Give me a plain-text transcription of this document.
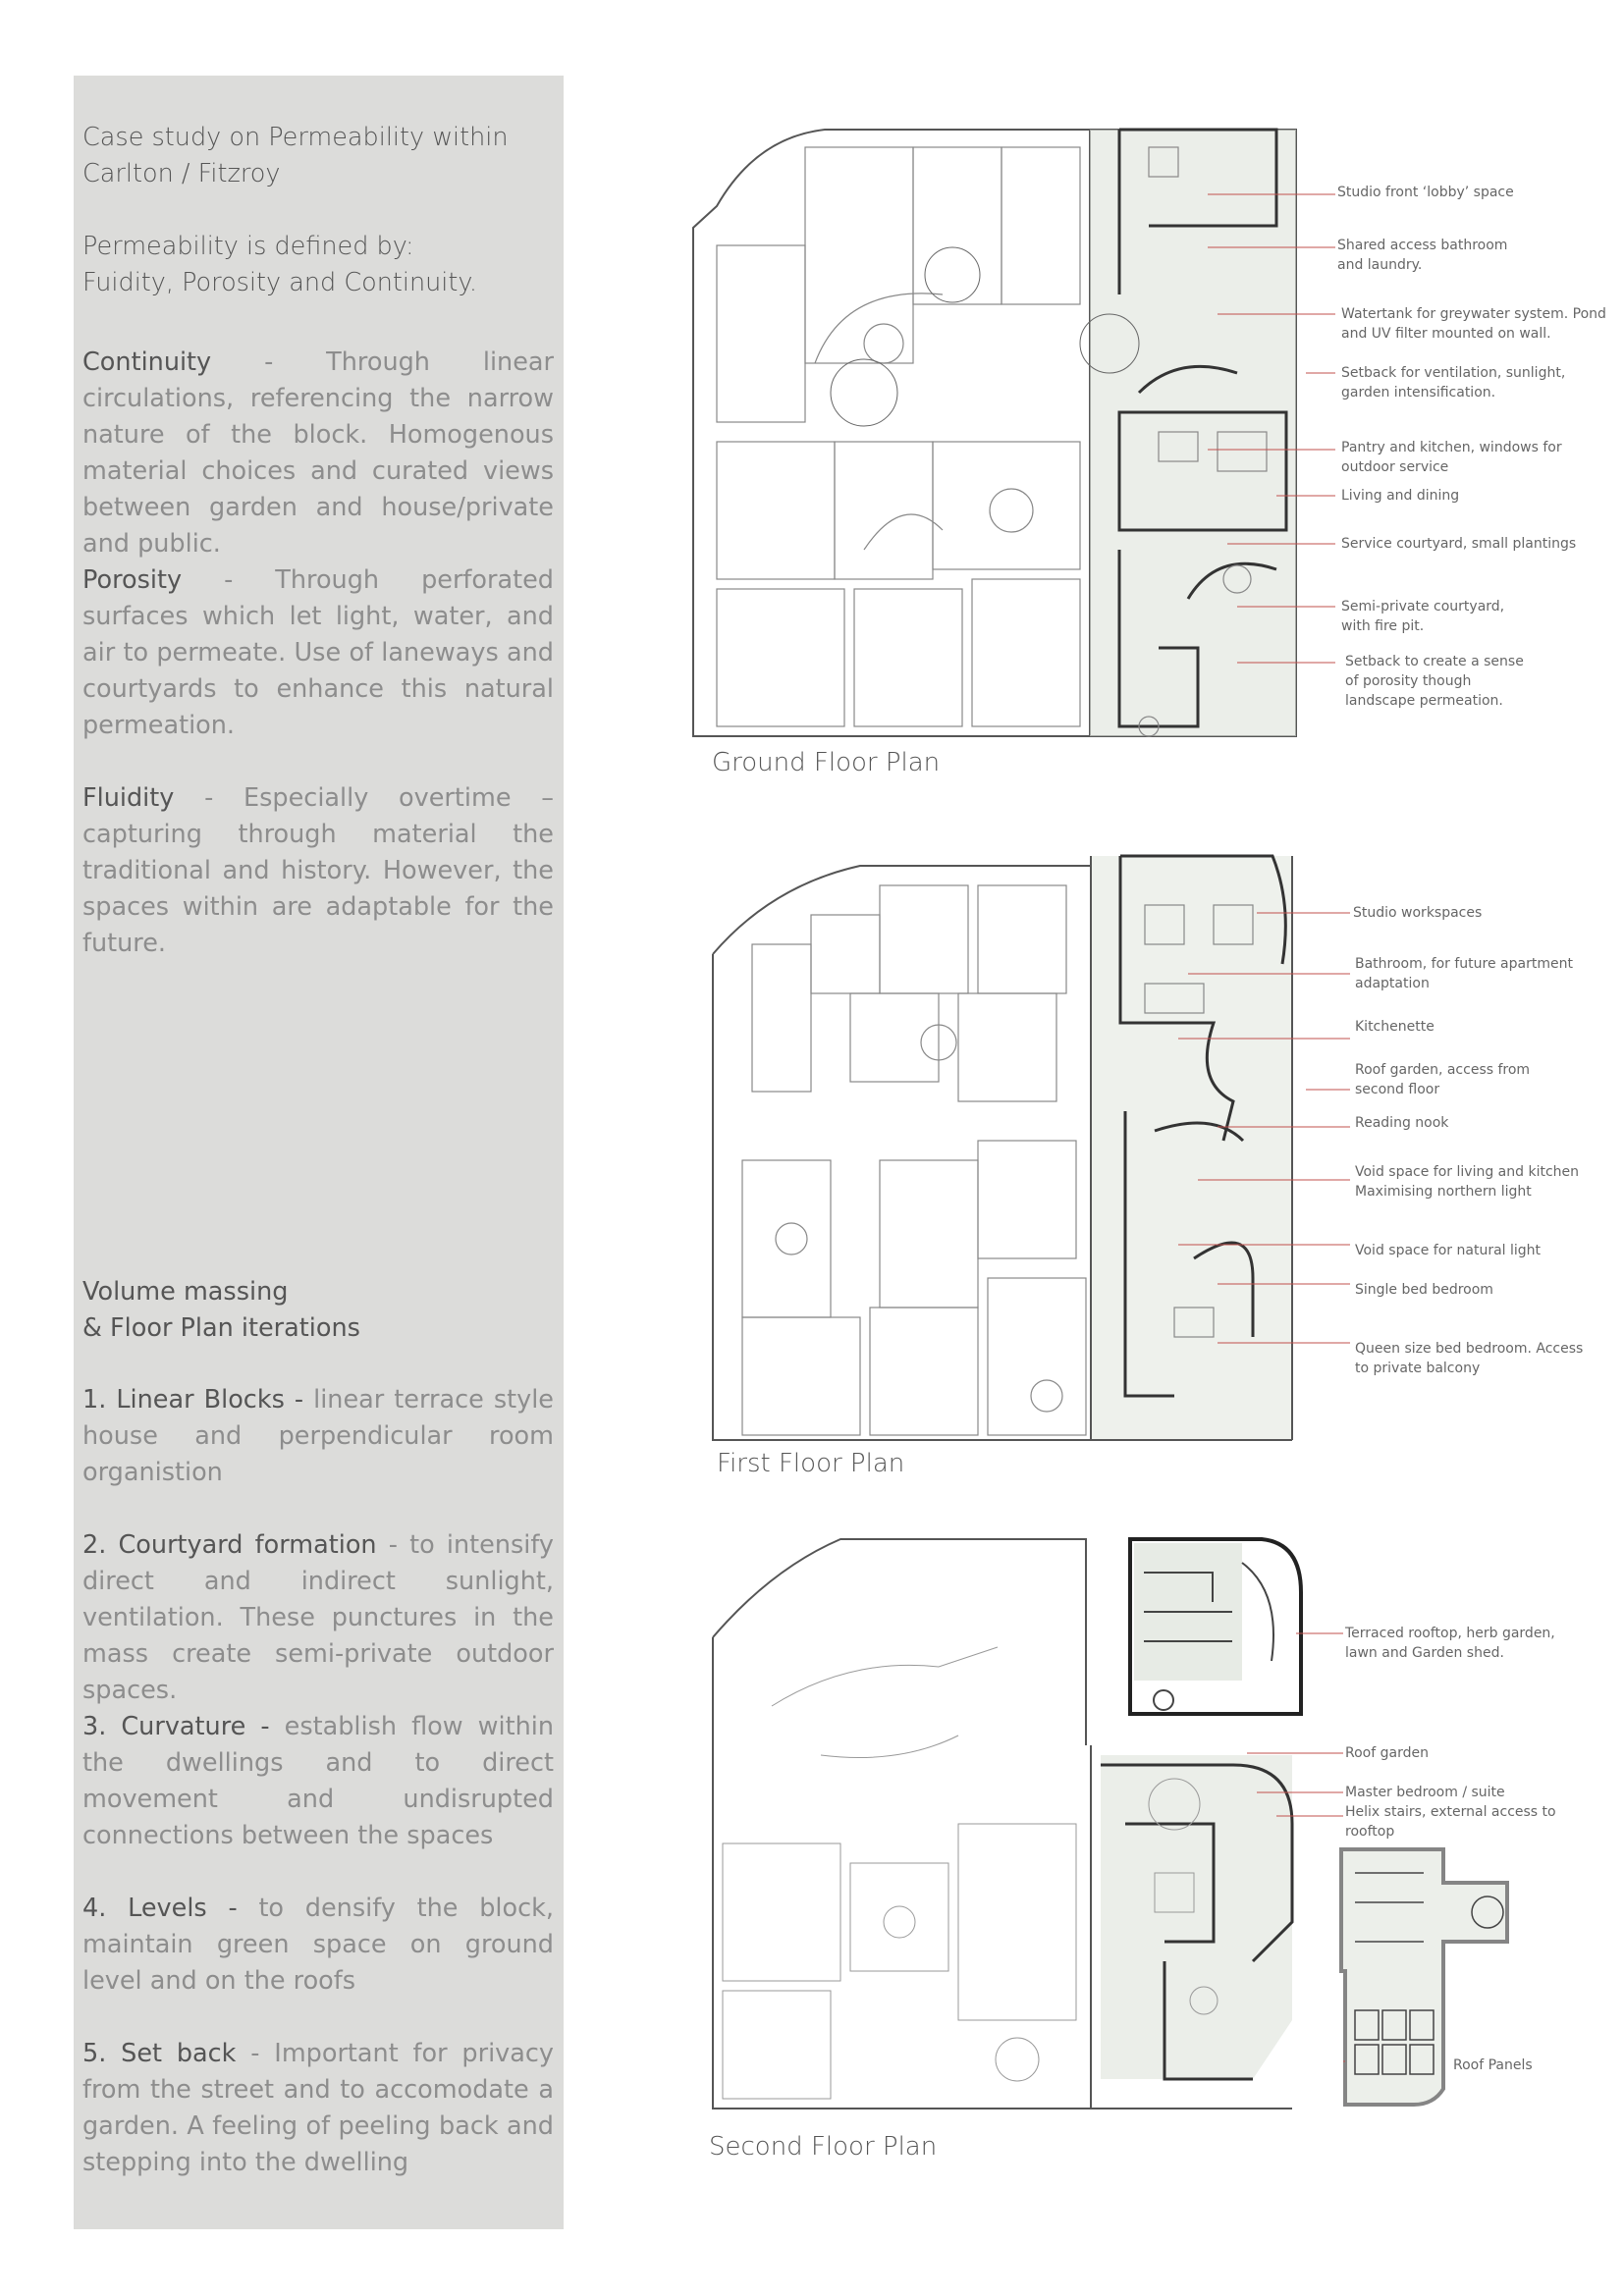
Case study on Permeability within
Carlton / Fitzroy
Permeability is defined by:
Fuidity, Porosity and Continuity.
Continuity - Through linear circulations, referencing the narrow nature of the block. Homogenous material choices and curated views between garden and house/private and public.
Porosity - Through perforated surfaces which let light, water, and air to permeate. Use of laneways and courtyards to enhance this natural permeation.
Fluidity - Especially overtime – capturing through material the traditional and history. However, the spaces within are adaptable for the future.
Volume massing
& Floor Plan iterations
1. Linear Blocks - linear terrace style house and perpendicular room organistion
2. Courtyard formation - to intensify direct and indirect sunlight, ventilation. These punctures in the mass create semi-private outdoor spaces.
3. Curvature - establish flow within the dwellings and to direct movement and undisrupted connections between the spaces
4. Levels - to densify the block, maintain green space on ground level and on the roofs
5. Set back - Important for privacy from the street and to accomodate a garden. A feeling of peeling back and stepping into the dwelling
Ground Floor Plan
Studio front ‘lobby’ space
Shared access bathroom and laundry.
Watertank for greywater system. Pond and UV filter mounted on wall.
Setback for ventilation, sunlight, garden intensification.
Pantry and kitchen, windows for outdoor service
Living and dining
Service courtyard, small plantings
Semi-private courtyard, with fire pit.
Setback to create a sense of porosity though landscape permeation.
First Floor Plan
Studio workspaces
Bathroom, for future apartment adaptation
Kitchenette
Roof garden, access from second floor
Reading nook
Void space for living and kitchen Maximising northern light
Void space for natural light
Single bed bedroom
Queen size bed bedroom. Access to private balcony
Second Floor Plan
Terraced rooftop, herb garden, lawn and Garden shed.
Roof garden
Master bedroom / suite
Helix stairs, external access to rooftop
Roof Panels
